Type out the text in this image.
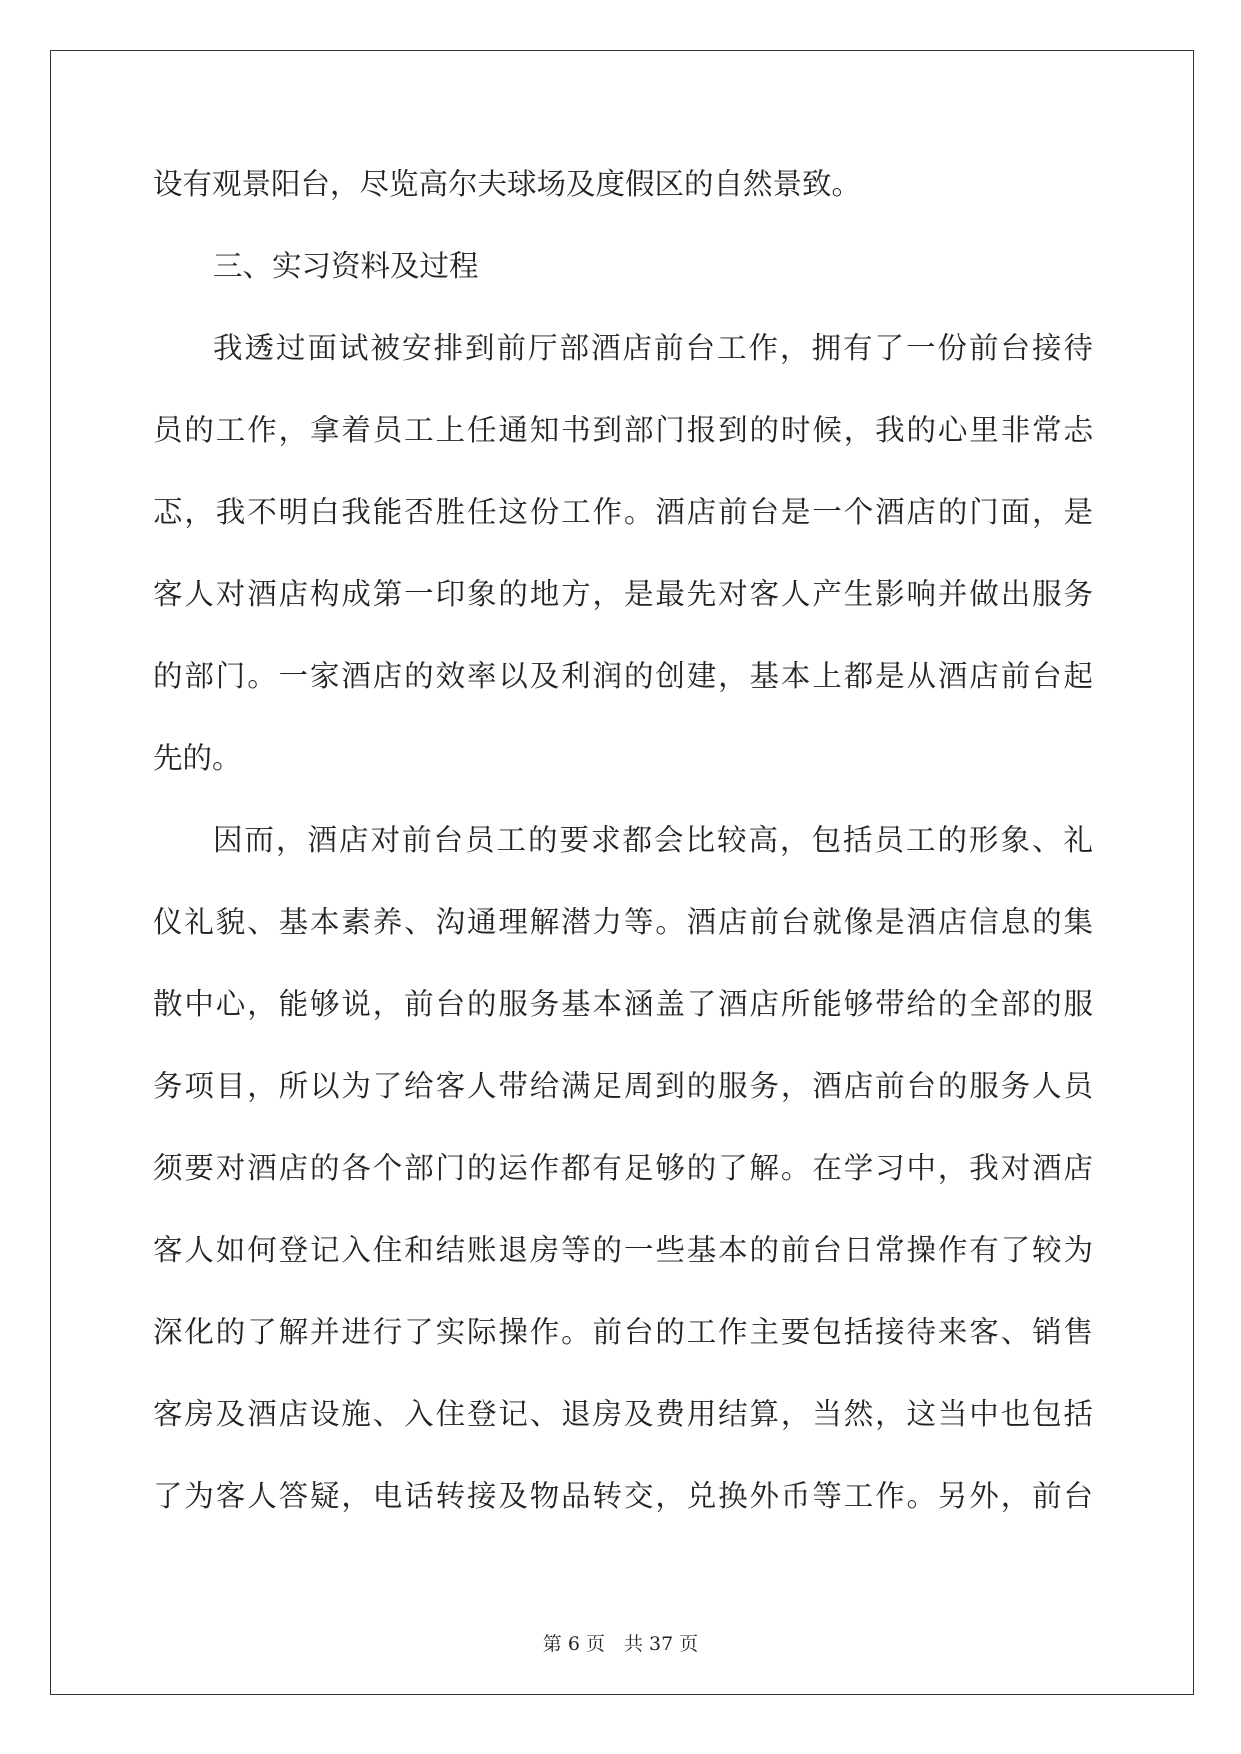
设有观景阳台，尽览高尔夫球场及度假区的自然景致。
三、实习资料及过程
我透过面试被安排到前厅部酒店前台工作，拥有了一份前台接待
员的工作，拿着员工上任通知书到部门报到的时候，我的心里非常忐
忑，我不明白我能否胜任这份工作。酒店前台是一个酒店的门面，是
客人对酒店构成第一印象的地方，是最先对客人产生影响并做出服务
的部门。一家酒店的效率以及利润的创建，基本上都是从酒店前台起
先的。
因而，酒店对前台员工的要求都会比较高，包括员工的形象、礼
仪礼貌、基本素养、沟通理解潜力等。酒店前台就像是酒店信息的集
散中心，能够说，前台的服务基本涵盖了酒店所能够带给的全部的服
务项目，所以为了给客人带给满足周到的服务，酒店前台的服务人员
须要对酒店的各个部门的运作都有足够的了解。在学习中，我对酒店
客人如何登记入住和结账退房等的一些基本的前台日常操作有了较为
深化的了解并进行了实际操作。前台的工作主要包括接待来客、销售
客房及酒店设施、入住登记、退房及费用结算，当然，这当中也包括
了为客人答疑，电话转接及物品转交，兑换外币等工作。另外，前台
第 6 页　共 37 页
